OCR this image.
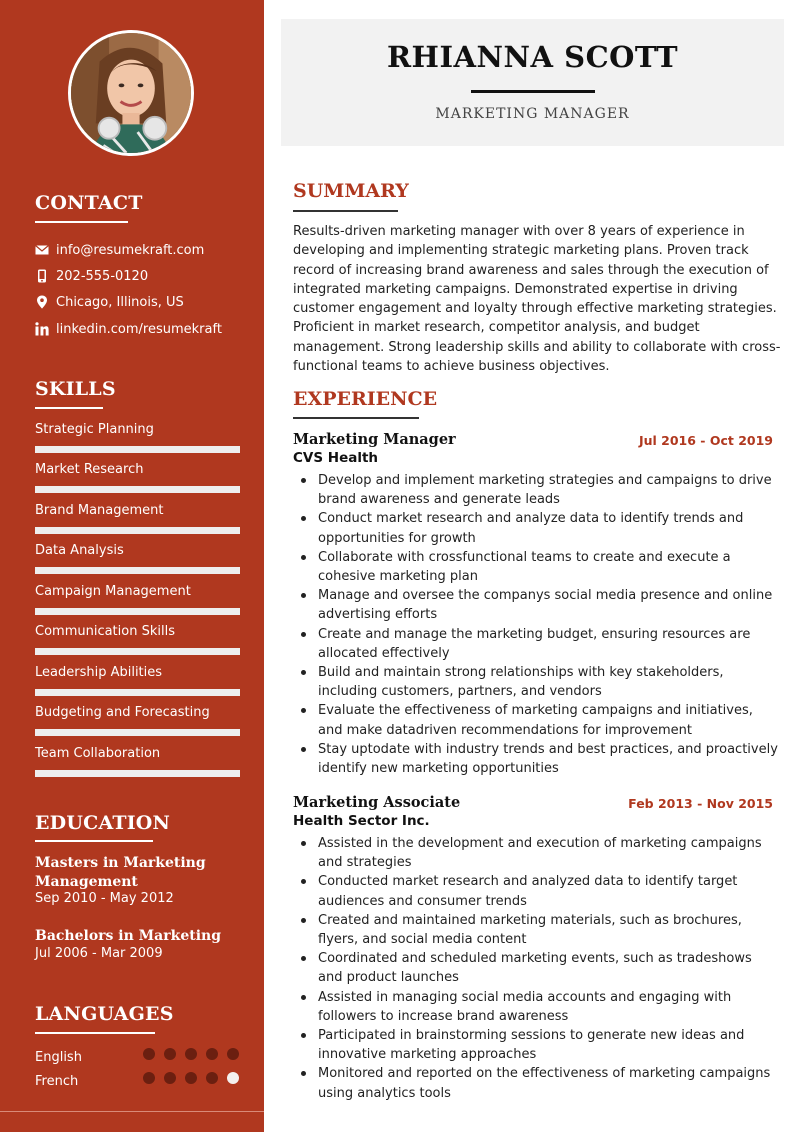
CONTACT
info@resumekraft.com
202-555-0120
Chicago, Illinois, US
linkedin.com/resumekraft
SKILLS
Strategic Planning
Market Research
Brand Management
Data Analysis
Campaign Management
Communication Skills
Leadership Abilities
Budgeting and Forecasting
Team Collaboration
EDUCATION
Masters in Marketing Management
Sep 2010 - May 2012
Bachelors in Marketing
Jul 2006 - Mar 2009
LANGUAGES
English
French
RHIANNA SCOTT
MARKETING MANAGER
SUMMARY
Results-driven marketing manager with over 8 years of experience in developing and implementing strategic marketing plans. Proven track record of increasing brand awareness and sales through the execution of integrated marketing campaigns. Demonstrated expertise in driving customer engagement and loyalty through effective marketing strategies. Proficient in market research, competitor analysis, and budget management. Strong leadership skills and ability to collaborate with cross-functional teams to achieve business objectives.
EXPERIENCE
Marketing Manager	Jul 2016 - Oct 2019
CVS Health
Develop and implement marketing strategies and campaigns to drive brand awareness and generate leads
Conduct market research and analyze data to identify trends and opportunities for growth
Collaborate with crossfunctional teams to create and execute a cohesive marketing plan
Manage and oversee the companys social media presence and online advertising efforts
Create and manage the marketing budget, ensuring resources are allocated effectively
Build and maintain strong relationships with key stakeholders, including customers, partners, and vendors
Evaluate the effectiveness of marketing campaigns and initiatives, and make datadriven recommendations for improvement
Stay uptodate with industry trends and best practices, and proactively identify new marketing opportunities
Marketing Associate	Feb 2013 - Nov 2015
Health Sector Inc.
Assisted in the development and execution of marketing campaigns and strategies
Conducted market research and analyzed data to identify target audiences and consumer trends
Created and maintained marketing materials, such as brochures, flyers, and social media content
Coordinated and scheduled marketing events, such as tradeshows and product launches
Assisted in managing social media accounts and engaging with followers to increase brand awareness
Participated in brainstorming sessions to generate new ideas and innovative marketing approaches
Monitored and reported on the effectiveness of marketing campaigns using analytics tools
